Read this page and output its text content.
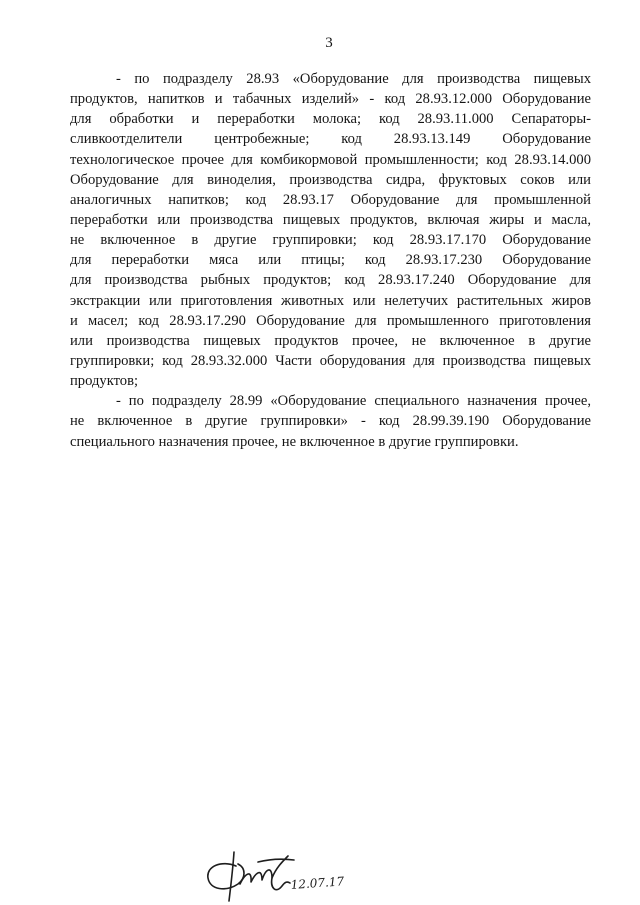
3
- по подразделу 28.93 «Оборудование для производства пищевых
продуктов, напитков и табачных изделий» - код 28.93.12.000 Оборудование
для обработки и переработки молока; код 28.93.11.000 Сепараторы-
сливкоотделители центробежные; код 28.93.13.149 Оборудование
технологическое прочее для комбикормовой промышленности; код 28.93.14.000
Оборудование для виноделия, производства сидра, фруктовых соков или
аналогичных напитков; код 28.93.17 Оборудование для промышленной
переработки или производства пищевых продуктов, включая жиры и масла,
не включенное в другие группировки; код 28.93.17.170 Оборудование
для переработки мяса или птицы; код 28.93.17.230 Оборудование
для производства рыбных продуктов; код 28.93.17.240 Оборудование для
экстракции или приготовления животных или нелетучих растительных жиров
и масел; код 28.93.17.290 Оборудование для промышленного приготовления
или производства пищевых продуктов прочее, не включенное в другие
группировки; код 28.93.32.000 Части оборудования для производства пищевых
продуктов;
- по подразделу 28.99 «Оборудование специального назначения прочее,
не включенное в другие группировки» - код 28.99.39.190 Оборудование
специального назначения прочее, не включенное в другие группировки.
12.07.17
